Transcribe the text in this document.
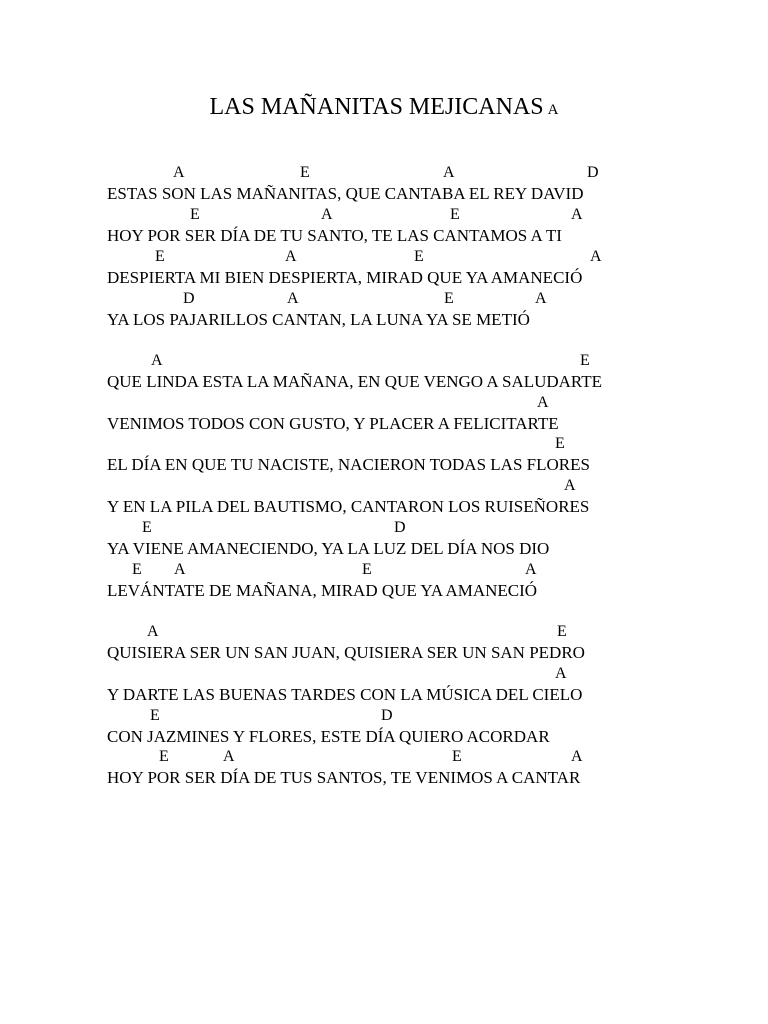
LAS MAÑANITAS MEJICANAS A
A	E	A	D
ESTAS SON LAS MAÑANITAS, QUE CANTABA EL REY DAVID
E	A	E	A
HOY POR SER DÍA DE TU SANTO, TE LAS CANTAMOS A TI
E	A	E	A
DESPIERTA MI BIEN DESPIERTA, MIRAD QUE YA AMANECIÓ
D	A	E	A
YA LOS PAJARILLOS CANTAN, LA LUNA YA SE METIÓ
A	E
QUE LINDA ESTA LA MAÑANA, EN QUE VENGO A SALUDARTE
A
VENIMOS TODOS CON GUSTO, Y PLACER A FELICITARTE
E
EL DÍA EN QUE TU NACISTE, NACIERON TODAS LAS FLORES
A
Y EN LA PILA DEL BAUTISMO, CANTARON LOS RUISEÑORES
E	D
YA VIENE AMANECIENDO, YA LA LUZ DEL DÍA NOS DIO
E A	E	A
LEVÁNTATE DE MAÑANA, MIRAD QUE YA AMANECIÓ
A	E
QUISIERA SER UN SAN JUAN, QUISIERA SER UN SAN PEDRO
A
Y DARTE LAS BUENAS TARDES CON LA MÚSICA DEL CIELO
E	D
CON JAZMINES Y FLORES, ESTE DÍA QUIERO ACORDAR
E	A	E	A
HOY POR SER DÍA DE TUS SANTOS, TE VENIMOS A CANTAR
